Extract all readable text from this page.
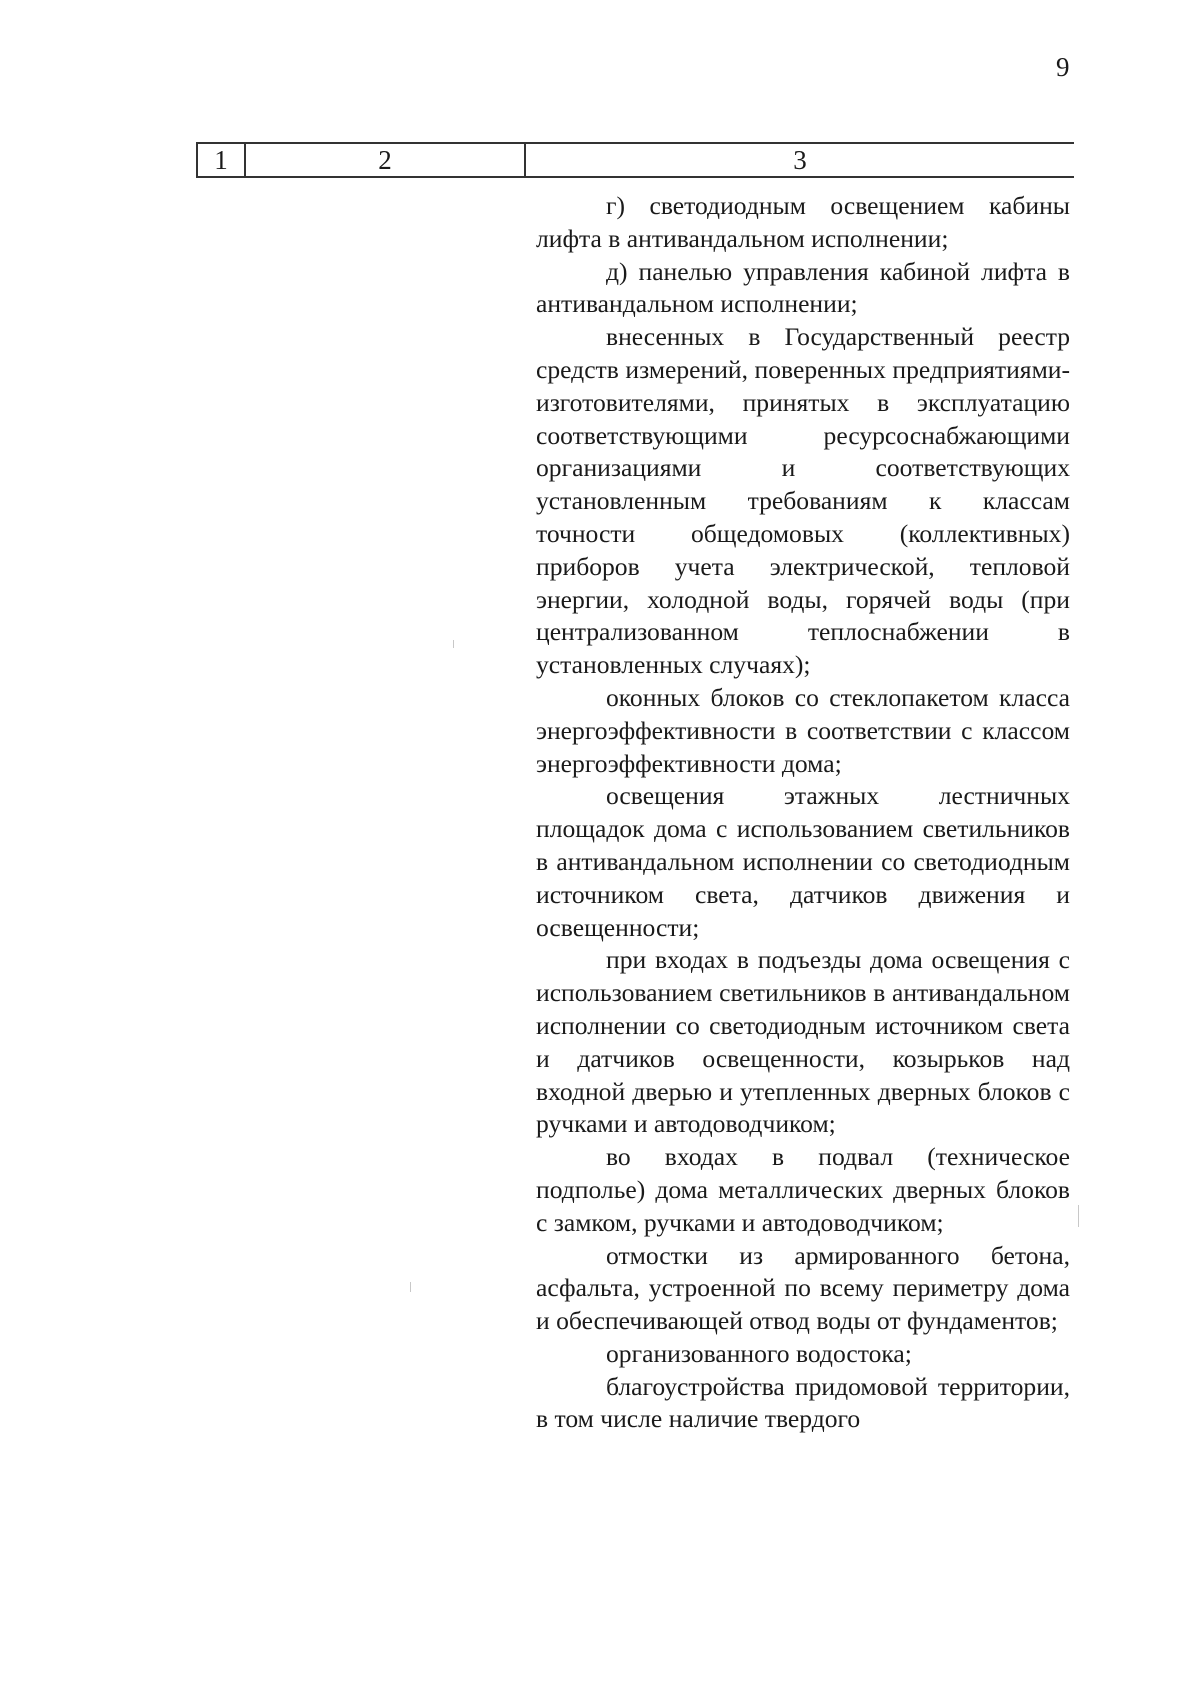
9
1	2	3

г) светодиодным освещением кабины лифта в антивандальном исполнении;

д) панелью управления кабиной лифта в антивандальном исполнении;

внесенных в Государственный реестр средств измерений, поверенных предприятиями-изготовителями, принятых в эксплуатацию соответствующими ресурсоснабжающими организациями и соответствующих установленным требованиям к классам точности общедомовых (коллективных) приборов учета электрической, тепловой энергии, холодной воды, горячей воды (при централизованном теплоснабжении в установленных случаях);

оконных блоков со стеклопакетом класса энергоэффективности в соответствии с классом энергоэффективности дома;

освещения этажных лестничных площадок дома с использованием светильников в антивандальном исполнении со светодиодным источником света, датчиков движения и освещенности;

при входах в подъезды дома освещения с использованием светильников в антивандальном исполнении со светодиодным источником света и датчиков освещенности, козырьков над входной дверью и утепленных дверных блоков с ручками и автодоводчиком;

во входах в подвал (техническое подполье) дома металлических дверных блоков с замком, ручками и автодоводчиком;

отмостки из армированного бетона, асфальта, устроенной по всему периметру дома и обеспечивающей отвод воды от фундаментов;

организованного водостока;

благоустройства придомовой территории, в том числе наличие твердого
